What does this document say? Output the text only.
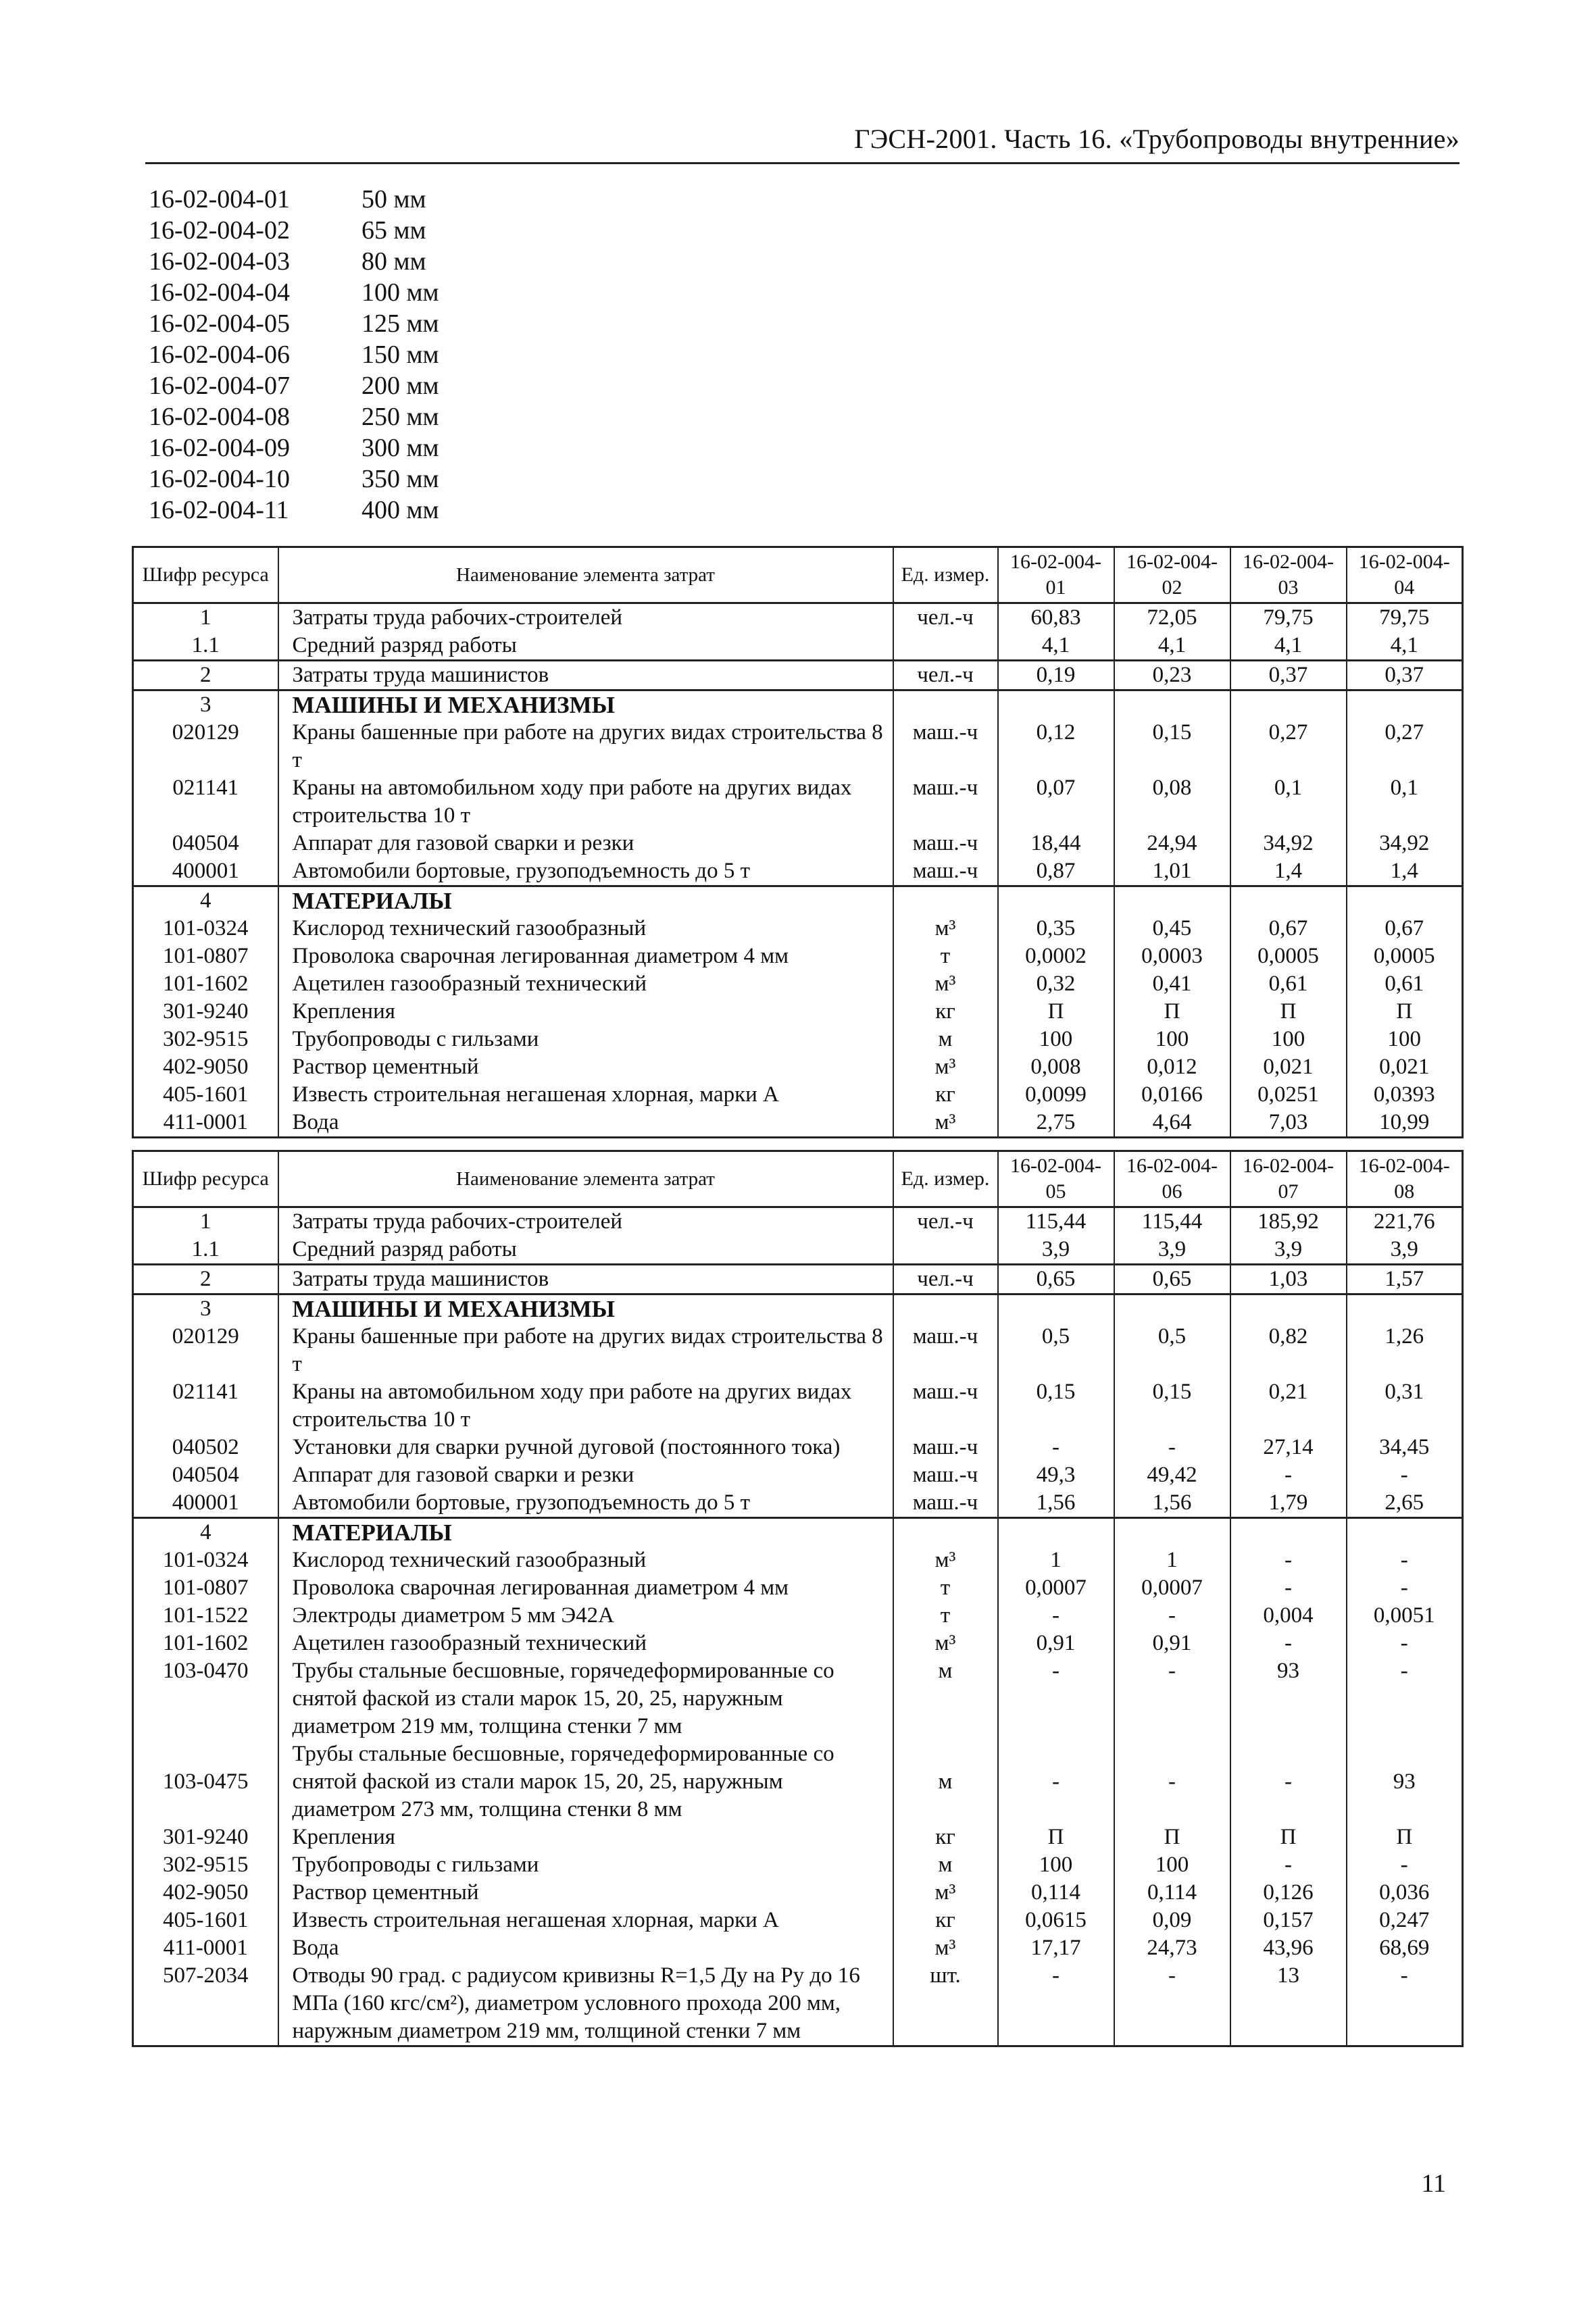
ГЭСН-2001. Часть 16. «Трубопроводы внутренние»
16-02-004-01	50 мм
16-02-004-02	65 мм
16-02-004-03	80 мм
16-02-004-04	100 мм
16-02-004-05	125 мм
16-02-004-06	150 мм
16-02-004-07	200 мм
16-02-004-08	250 мм
16-02-004-09	300 мм
16-02-004-10	350 мм
16-02-004-11	400 мм
Шифр ресурса	Наименование элемента затрат	Ед. измер.	16-02-004-01	16-02-004-02	16-02-004-03	16-02-004-04
1	Затраты труда рабочих-строителей	чел.-ч	60,83	72,05	79,75	79,75
1.1	Средний разряд работы		4,1	4,1	4,1	4,1
2	Затраты труда машинистов	чел.-ч	0,19	0,23	0,37	0,37
3	МАШИНЫ И МЕХАНИЗМЫ					
020129	Краны башенные при работе на других видах строительства 8 т	маш.-ч	0,12	0,15	0,27	0,27
021141	Краны на автомобильном ходу при работе на других видах строительства 10 т	маш.-ч	0,07	0,08	0,1	0,1
040504	Аппарат для газовой сварки и резки	маш.-ч	18,44	24,94	34,92	34,92
400001	Автомобили бортовые, грузоподъемность до 5 т	маш.-ч	0,87	1,01	1,4	1,4
4	МАТЕРИАЛЫ					
101-0324	Кислород технический газообразный	м³	0,35	0,45	0,67	0,67
101-0807	Проволока сварочная легированная диаметром 4 мм	т	0,0002	0,0003	0,0005	0,0005
101-1602	Ацетилен газообразный технический	м³	0,32	0,41	0,61	0,61
301-9240	Крепления	кг	П	П	П	П
302-9515	Трубопроводы с гильзами	м	100	100	100	100
402-9050	Раствор цементный	м³	0,008	0,012	0,021	0,021
405-1601	Известь строительная негашеная хлорная, марки А	кг	0,0099	0,0166	0,0251	0,0393
411-0001	Вода	м³	2,75	4,64	7,03	10,99
Шифр ресурса	Наименование элемента затрат	Ед. измер.	16-02-004-05	16-02-004-06	16-02-004-07	16-02-004-08
1	Затраты труда рабочих-строителей	чел.-ч	115,44	115,44	185,92	221,76
1.1	Средний разряд работы		3,9	3,9	3,9	3,9
2	Затраты труда машинистов	чел.-ч	0,65	0,65	1,03	1,57
3	МАШИНЫ И МЕХАНИЗМЫ					
020129	Краны башенные при работе на других видах строительства 8 т	маш.-ч	0,5	0,5	0,82	1,26
021141	Краны на автомобильном ходу при работе на других видах строительства 10 т	маш.-ч	0,15	0,15	0,21	0,31
040502	Установки для сварки ручной дуговой (постоянного тока)	маш.-ч	-	-	27,14	34,45
040504	Аппарат для газовой сварки и резки	маш.-ч	49,3	49,42	-	-
400001	Автомобили бортовые, грузоподъемность до 5 т	маш.-ч	1,56	1,56	1,79	2,65
4	МАТЕРИАЛЫ					
101-0324	Кислород технический газообразный	м³	1	1	-	-
101-0807	Проволока сварочная легированная диаметром 4 мм	т	0,0007	0,0007	-	-
101-1522	Электроды диаметром 5 мм Э42А	т	-	-	0,004	0,0051
101-1602	Ацетилен газообразный технический	м³	0,91	0,91	-	-
103-0470	Трубы стальные бесшовные, горячедеформированные со снятой фаской из стали марок 15, 20, 25, наружным диаметром 219 мм, толщина стенки 7 мм	м	-	-	93	-
103-0475	Трубы стальные бесшовные, горячедеформированные со снятой фаской из стали марок 15, 20, 25, наружным диаметром 273 мм, толщина стенки 8 мм	м	-	-	-	93
301-9240	Крепления	кг	П	П	П	П
302-9515	Трубопроводы с гильзами	м	100	100	-	-
402-9050	Раствор цементный	м³	0,114	0,114	0,126	0,036
405-1601	Известь строительная негашеная хлорная, марки А	кг	0,0615	0,09	0,157	0,247
411-0001	Вода	м³	17,17	24,73	43,96	68,69
507-2034	Отводы 90 град. с радиусом кривизны R=1,5 Ду на Ру до 16 МПа (160 кгс/см²), диаметром условного прохода 200 мм, наружным диаметром 219 мм, толщиной стенки 7 мм	шт.	-	-	13	-
11
